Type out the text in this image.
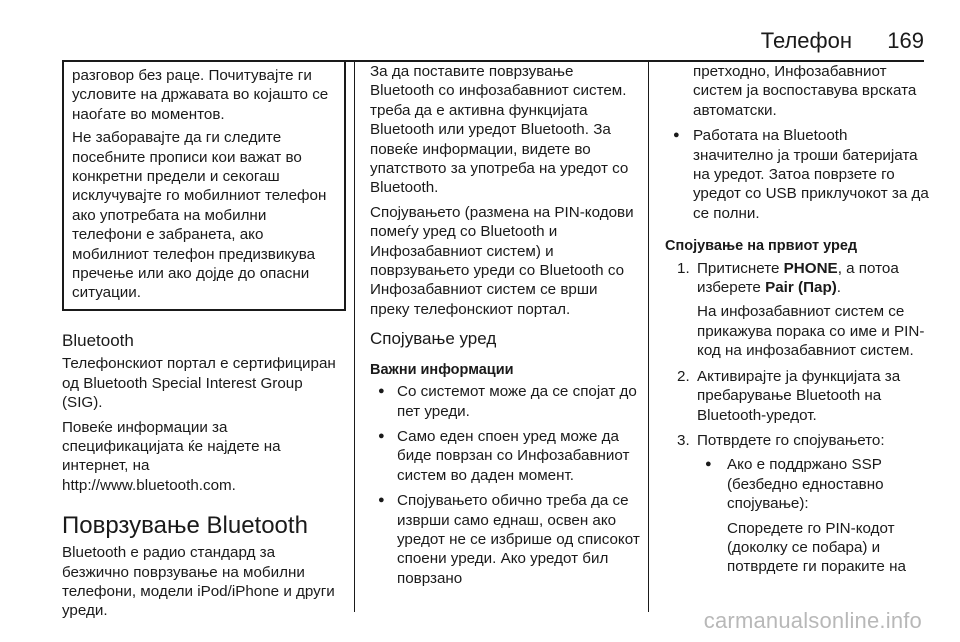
Телефон 169

разговор без раце. Почитувајте ги условите на државата во којашто се наоѓате во моментов.

Не заборавајте да ги следите посебните прописи кои важат во конкретни предели и секогаш исклучувајте го мобилниот телефон ако употребата на мобилни телефони е забранета, ако мобилниот телефон предизвикува пречење или ако дојде до опасни ситуации.

Bluetooth

Телефонскиот портал е сертифициран од Bluetooth Special Interest Group (SIG).

Повеќе информации за спецификацијата ќе најдете на интернет, на
http://www.bluetooth.com.

Поврзување Bluetooth

Bluetooth е радио стандард за безжично поврзување на мобилни телефони, модели iPod/iPhone и други уреди.

За да поставите поврзување Bluetooth со инфозабавниот систем. треба да е активна функцијата Bluetooth или уредот Bluetooth. За повеќе информации, видете во упатството за употреба на уредот со Bluetooth.

Спојувањето (размена на PIN-кодови помеѓу уред со Bluetooth и Инфозабавниот систем) и поврзувањето уреди со Bluetooth со Инфозабавниот систем се врши преку телефонскиот портал.

Спојување уред
Важни информации
● Со системот може да се спојат до пет уреди.
● Само еден споен уред може да биде поврзан со Инфозабавниот систем во даден момент.
● Спојувањето обично треба да се изврши само еднаш, освен ако уредот не се избрише од списокот споени уреди. Ако уредот бил поврзано
претходно, Инфозабавниот систем ја воспоставува врската автоматски.
● Работата на Bluetooth значително ја троши батеријата на уредот. Затоа поврзете го уредот со USB приклучокот за да се полни.
Спојување на првиот уред
1. Притиснете PHONE, а потоа изберете Pair (Пар).

На инфозабавниот систем се прикажува порака со име и PIN-код на инфозабавниот систем.

2. Активирајте ја функцијата за пребарување Bluetooth на Bluetooth-уредот.

3. Потврдете го спојувањето:

● Ако е поддржано SSP (безбедно едноставно спојување):

Споредете го PIN-кодот (доколку се побара) и потврдете ги пораките на

carmanualsonline.info
